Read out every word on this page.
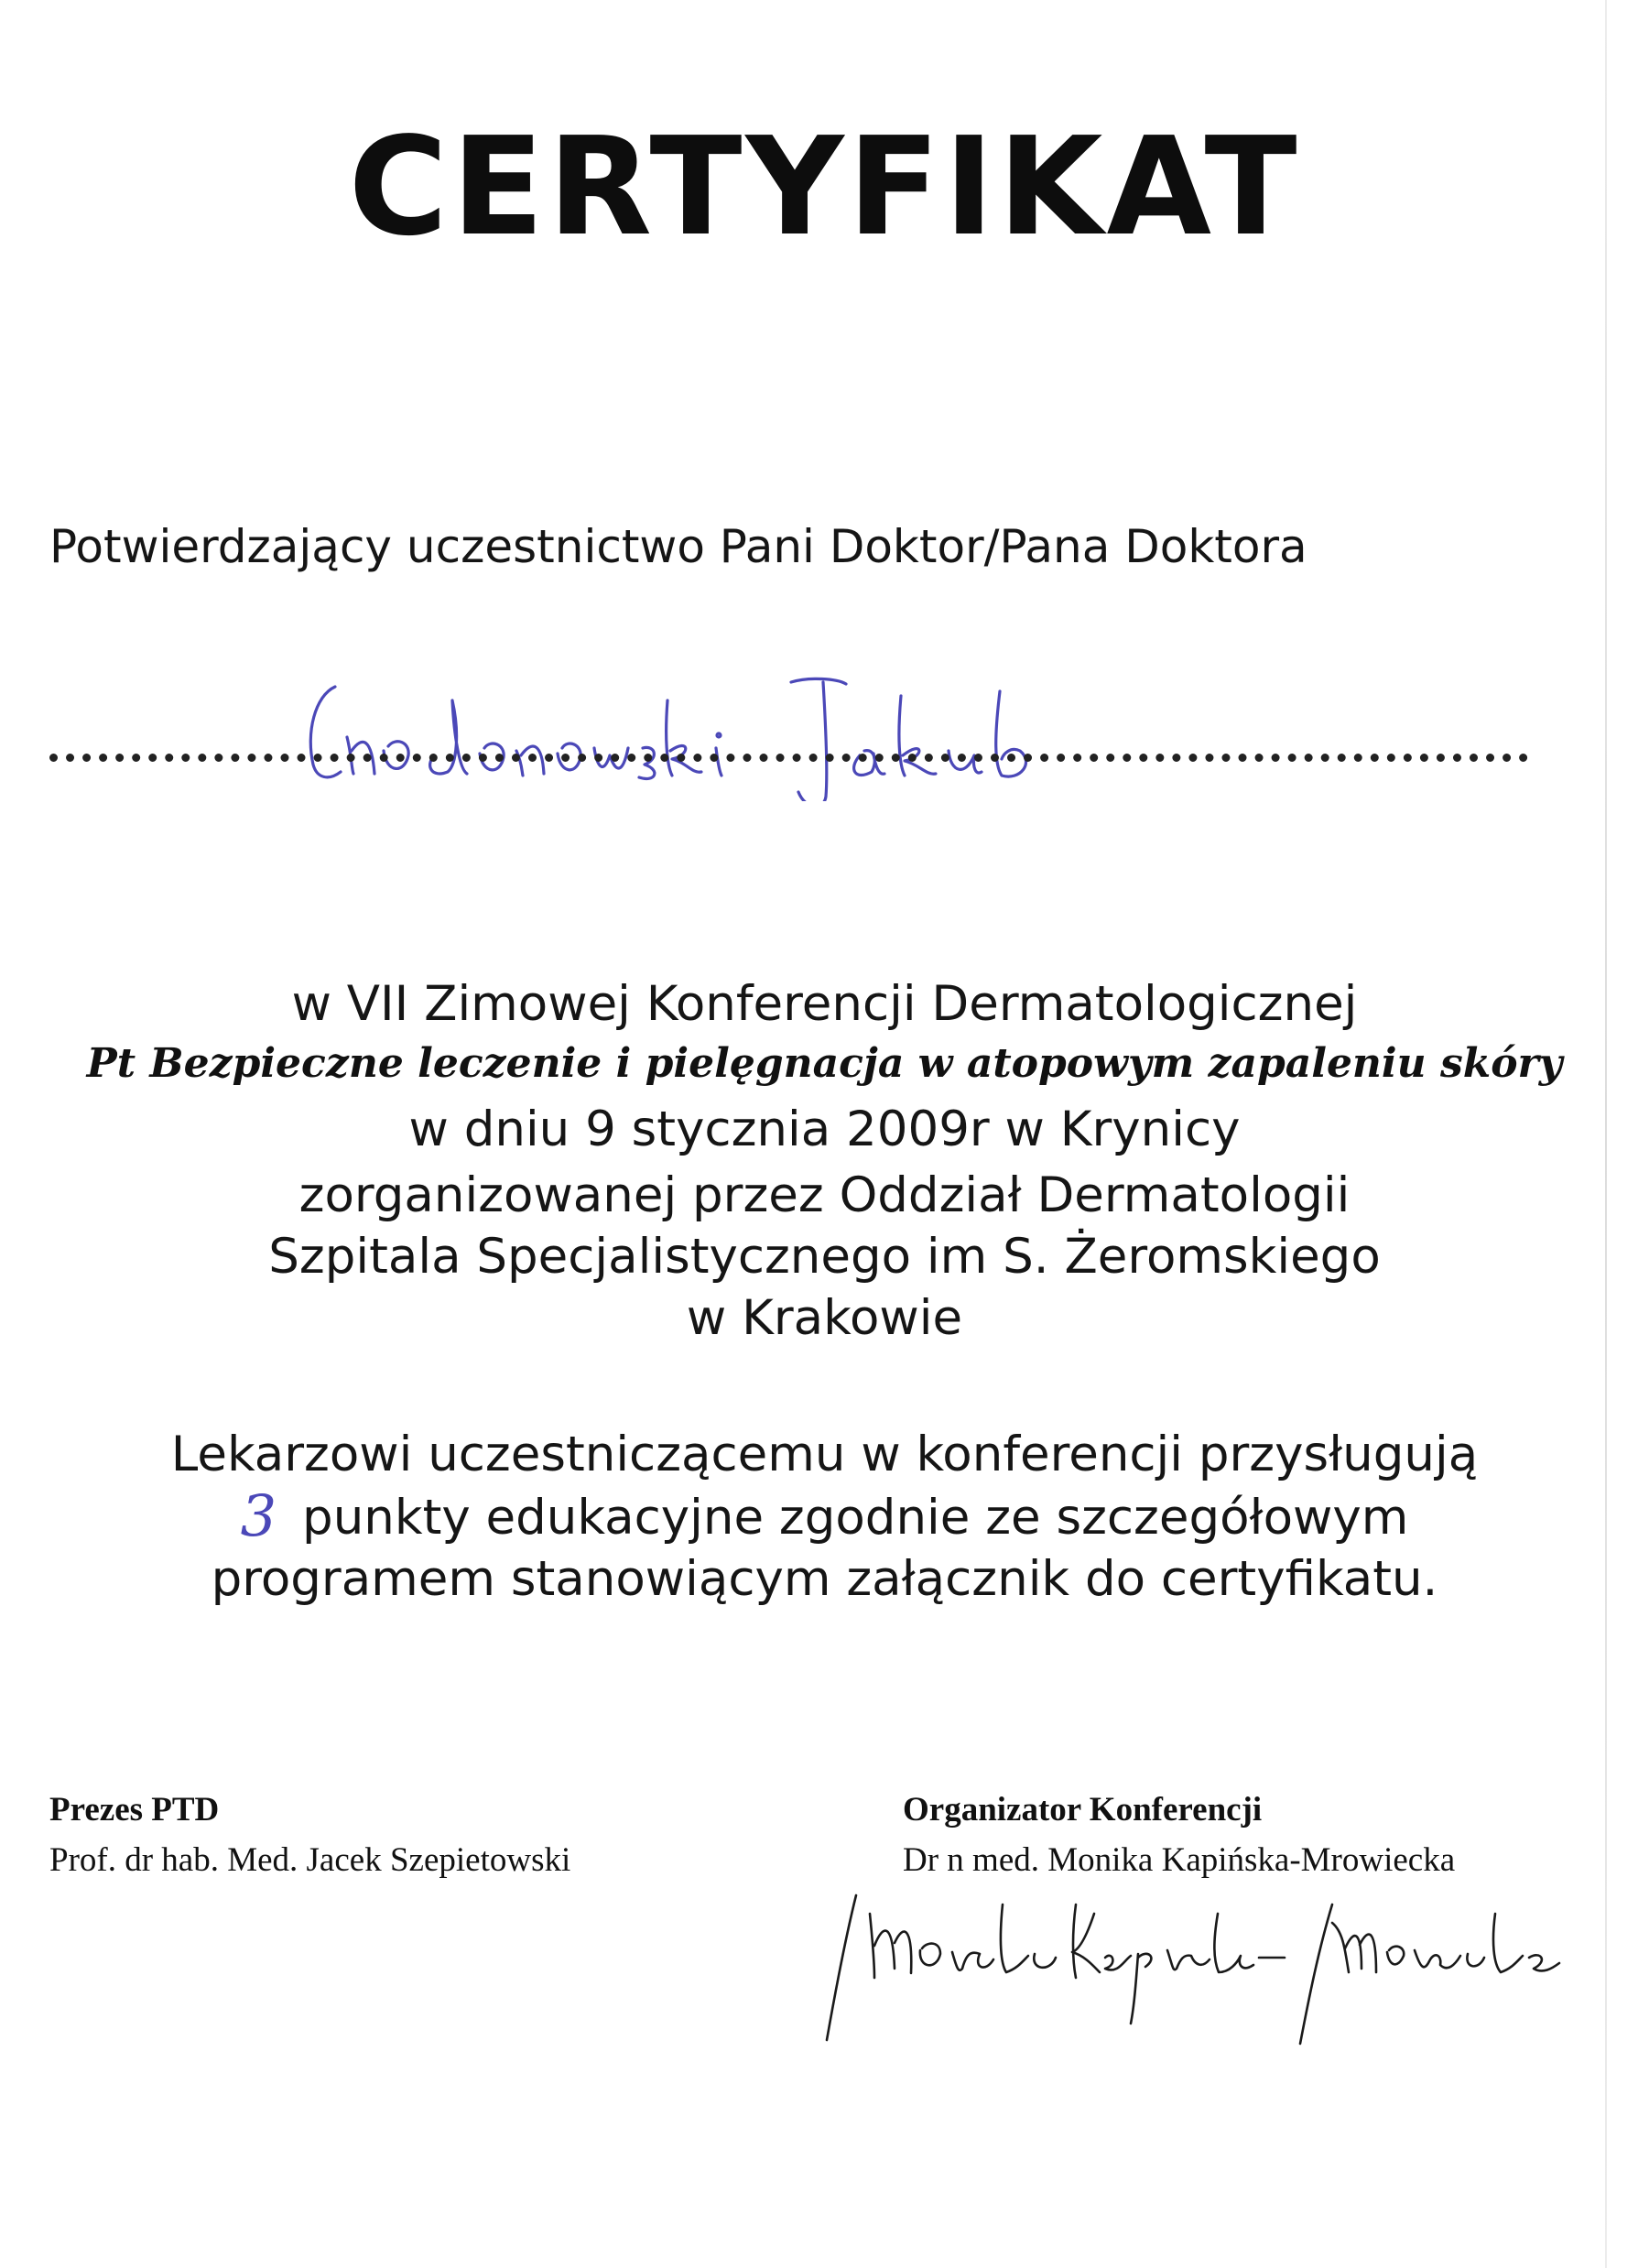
CERTYFIKAT
Potwierdzający uczestnictwo Pani Doktor/Pana Doktora
w VII Zimowej Konferencji Dermatologicznej
Pt Bezpieczne leczenie i pielęgnacja w atopowym zapaleniu skóry
w dniu 9 stycznia 2009r w Krynicy
zorganizowanej przez Oddział Dermatologii
Szpitala Specjalistycznego im S. Żeromskiego
w Krakowie
Lekarzowi uczestniczącemu w konferencji przysługują
3 punkty edukacyjne zgodnie ze szczegółowym
programem stanowiącym załącznik do certyfikatu.
Prezes PTD
Prof. dr hab. Med. Jacek Szepietowski
Organizator Konferencji
Dr n med. Monika Kapińska-Mrowiecka
